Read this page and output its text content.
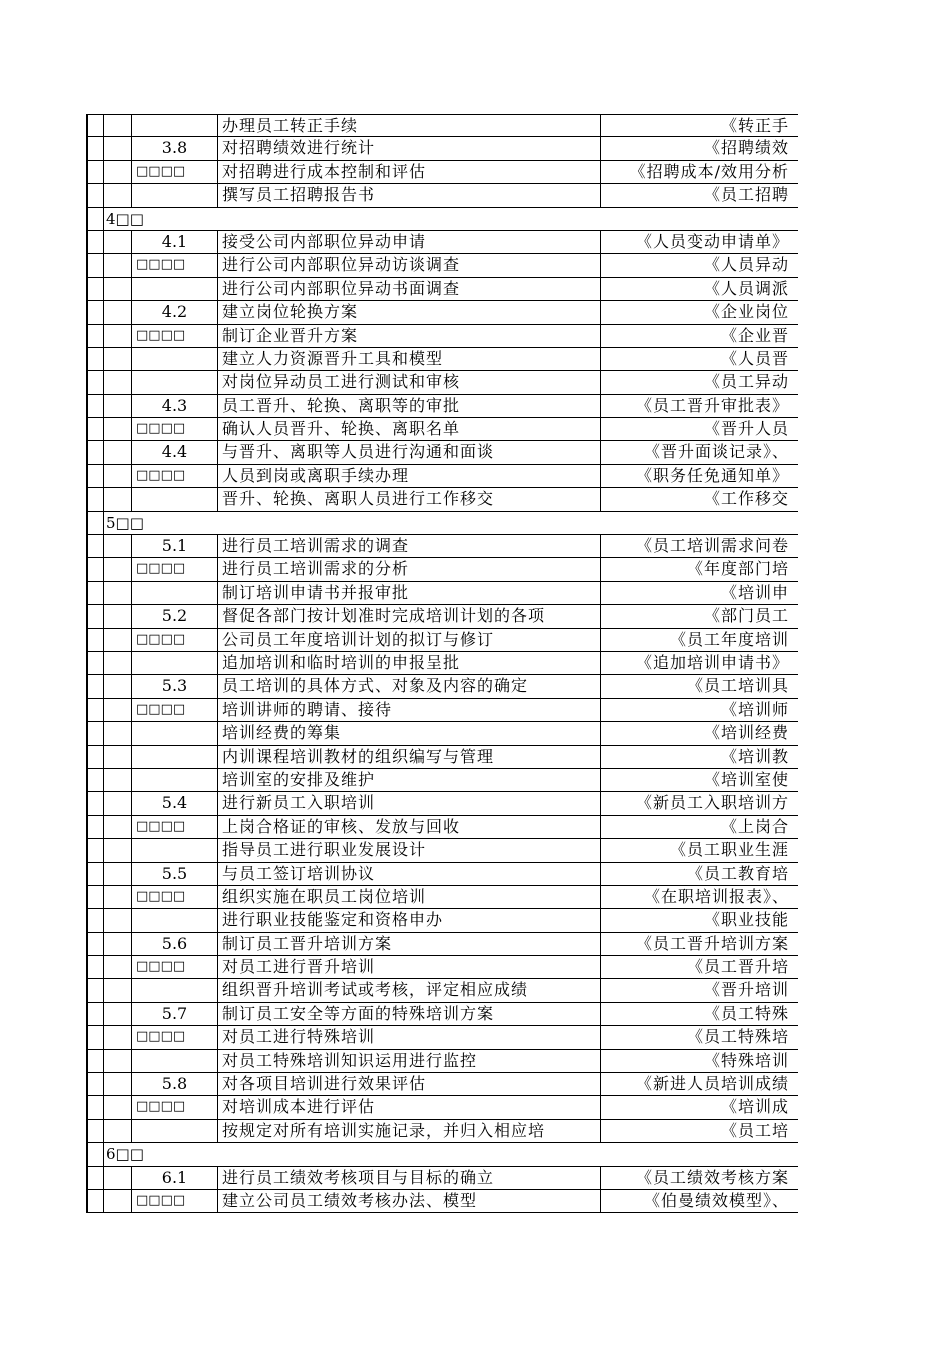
办理员工转正手续	《转正手
3.8	对招聘绩效进行统计	《招聘绩效
□□□□	对招聘进行成本控制和评估	《招聘成本/效用分析
撰写员工招聘报告书	《员工招聘
4□□
4.1	接受公司内部职位异动申请	《人员变动申请单》
□□□□	进行公司内部职位异动访谈调查	《人员异动
进行公司内部职位异动书面调查	《人员调派
4.2	建立岗位轮换方案	《企业岗位
□□□□	制订企业晋升方案	《企业晋
建立人力资源晋升工具和模型	《人员晋
对岗位异动员工进行测试和审核	《员工异动
4.3	员工晋升、轮换、离职等的审批	《员工晋升审批表》
□□□□	确认人员晋升、轮换、离职名单	《晋升人员
4.4	与晋升、离职等人员进行沟通和面谈	《晋升面谈记录》、
□□□□	人员到岗或离职手续办理	《职务任免通知单》
晋升、轮换、离职人员进行工作移交	《工作移交
5□□
5.1	进行员工培训需求的调查	《员工培训需求问卷
□□□□	进行员工培训需求的分析	《年度部门培
制订培训申请书并报审批	《培训申
5.2	督促各部门按计划准时完成培训计划的各项	《部门员工
□□□□	公司员工年度培训计划的拟订与修订	《员工年度培训
追加培训和临时培训的申报呈批	《追加培训申请书》
5.3	员工培训的具体方式、对象及内容的确定	《员工培训具
□□□□	培训讲师的聘请、接待	《培训师
培训经费的筹集	《培训经费
内训课程培训教材的组织编写与管理	《培训教
培训室的安排及维护	《培训室使
5.4	进行新员工入职培训	《新员工入职培训方
□□□□	上岗合格证的审核、发放与回收	《上岗合
指导员工进行职业发展设计	《员工职业生涯
5.5	与员工签订培训协议	《员工教育培
□□□□	组织实施在职员工岗位培训	《在职培训报表》、
进行职业技能鉴定和资格申办	《职业技能
5.6	制订员工晋升培训方案	《员工晋升培训方案
□□□□	对员工进行晋升培训	《员工晋升培
组织晋升培训考试或考核，评定相应成绩	《晋升培训
5.7	制订员工安全等方面的特殊培训方案	《员工特殊
□□□□	对员工进行特殊培训	《员工特殊培
对员工特殊培训知识运用进行监控	《特殊培训
5.8	对各项目培训进行效果评估	《新进人员培训成绩
□□□□	对培训成本进行评估	《培训成
按规定对所有培训实施记录，并归入相应培	《员工培
6□□
6.1	进行员工绩效考核项目与目标的确立	《员工绩效考核方案
□□□□	建立公司员工绩效考核办法、模型	《伯曼绩效模型》、
